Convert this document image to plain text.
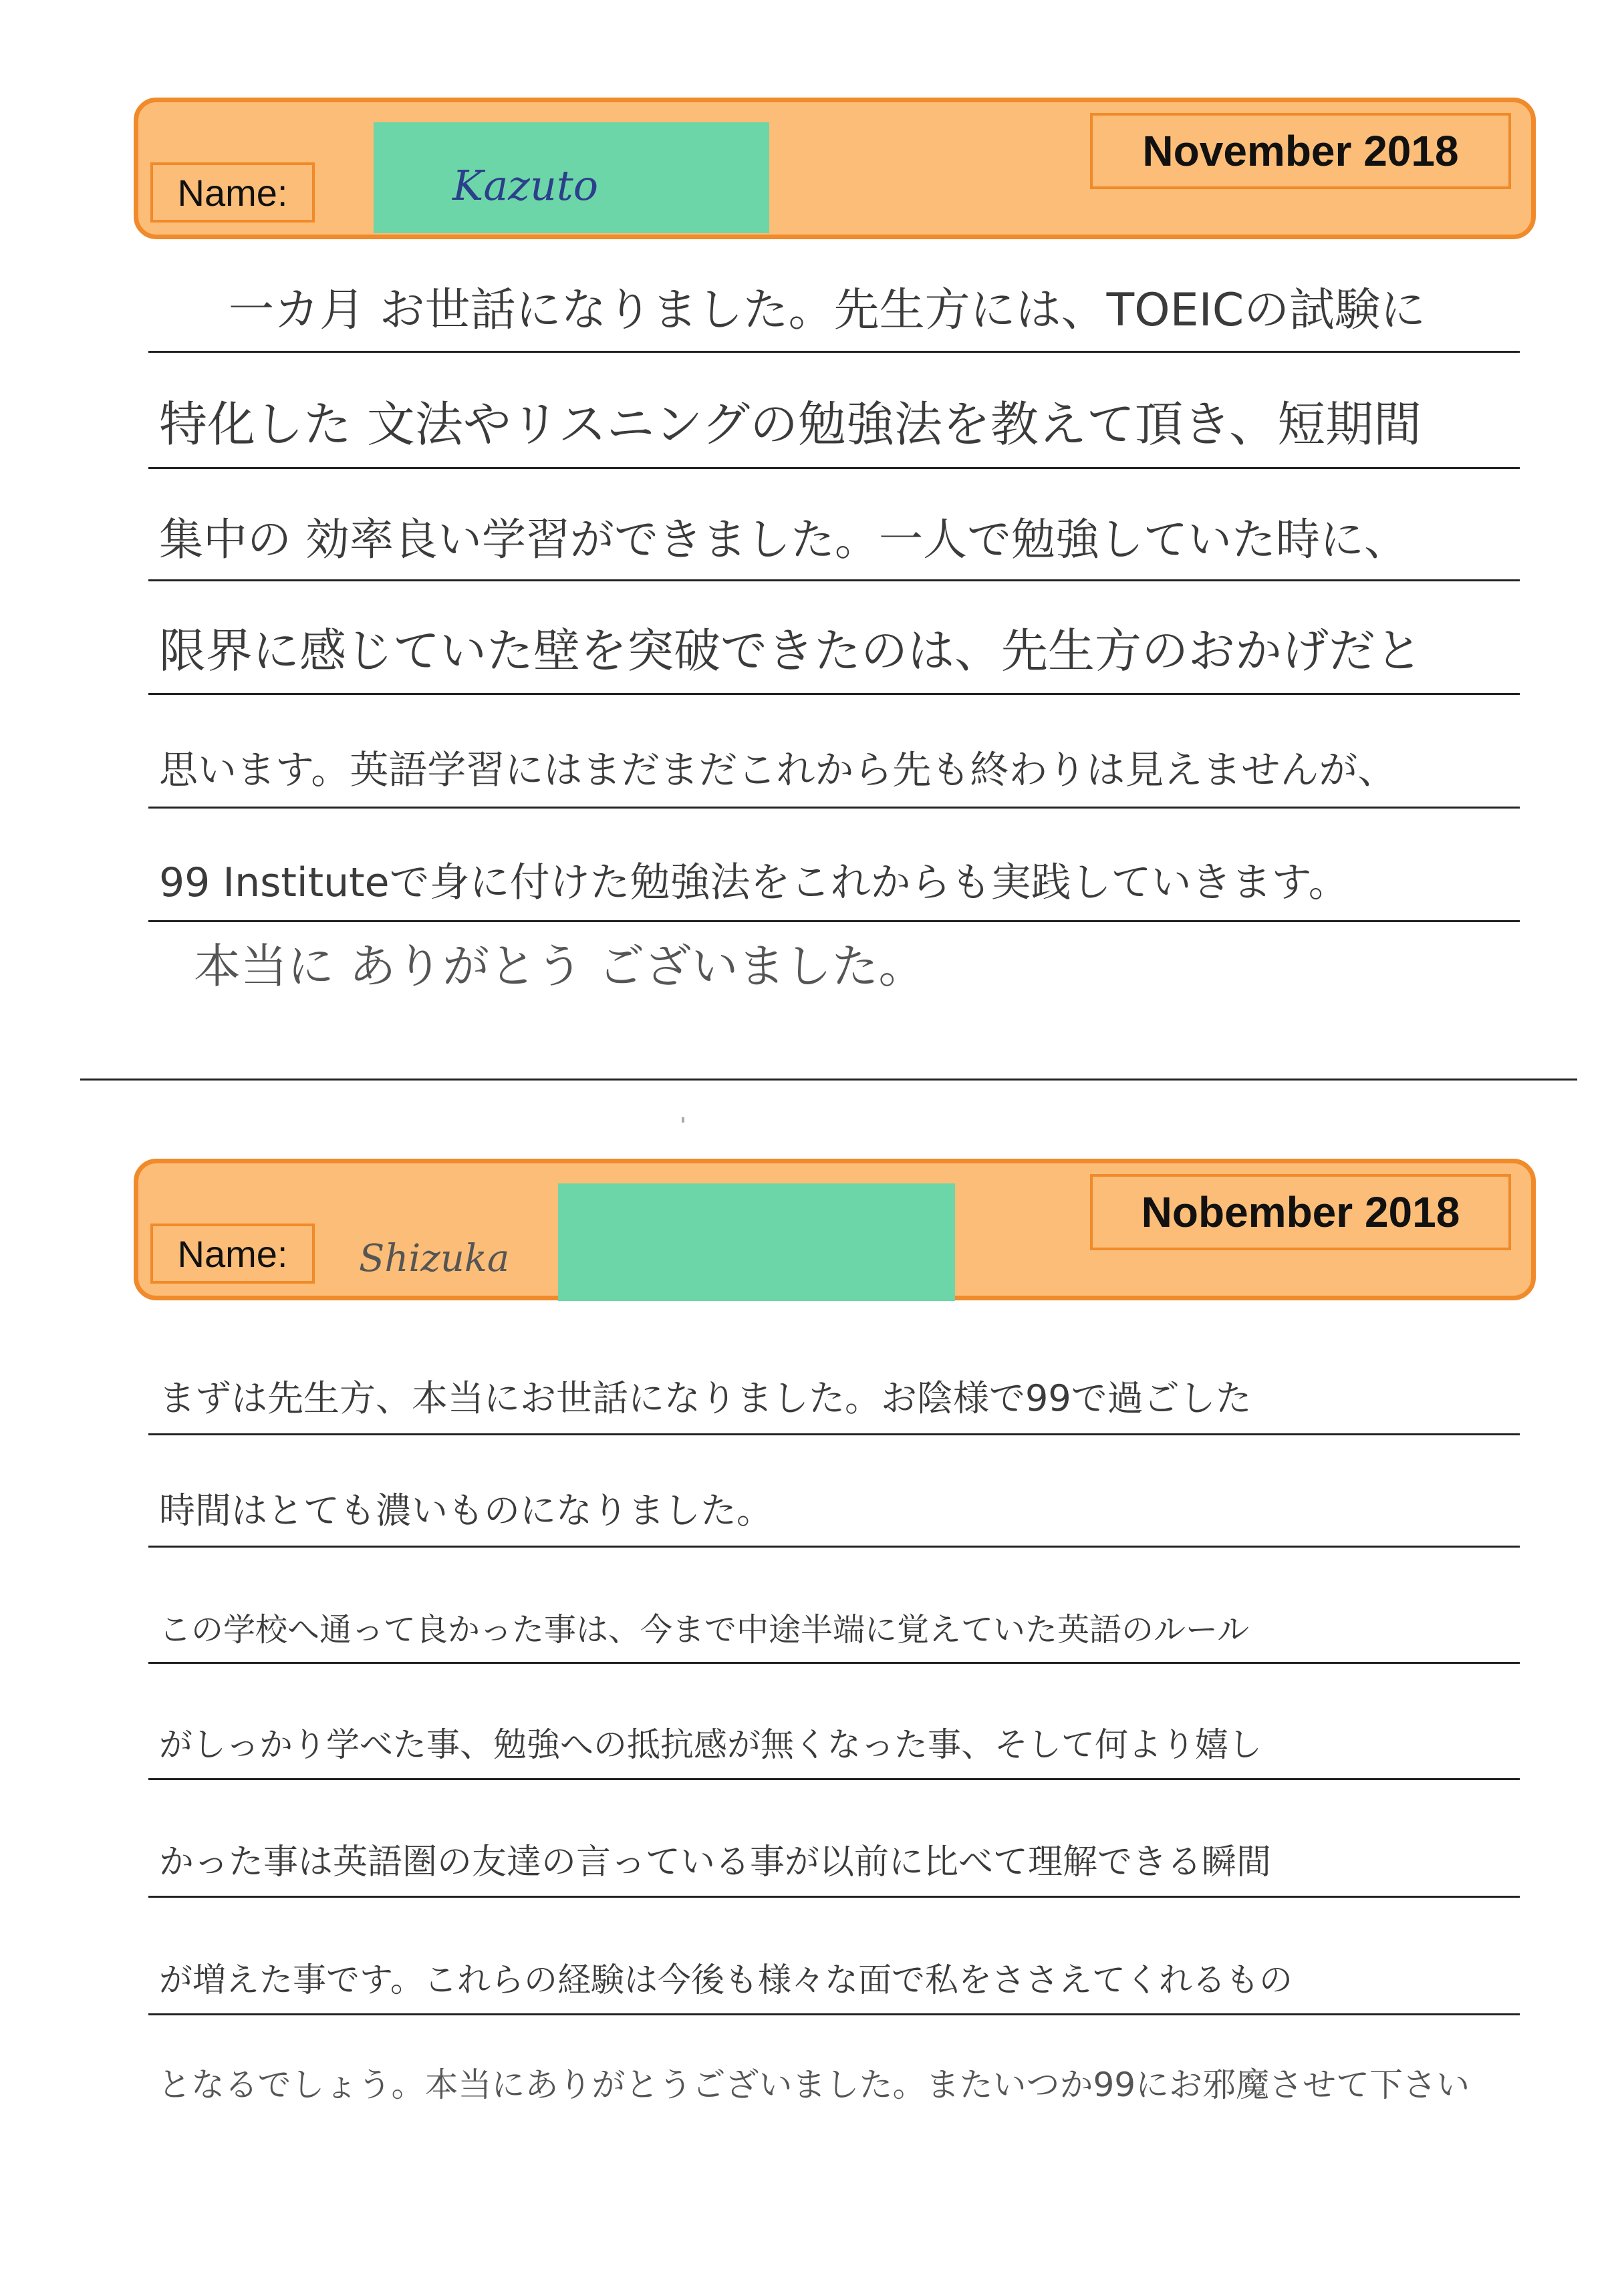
Name:	Kazuto
November 2018
一カ月 お世話になりました。先生方には、TOEICの試験に
特化した 文法やリスニングの勉強法を教えて頂き、短期間
集中の 効率良い学習ができました。一人で勉強していた時に、
限界に感じていた壁を突破できたのは、先生方のおかげだと
思います。英語学習にはまだまだこれから先も終わりは見えませんが、
99 Instituteで身に付けた勉強法をこれからも実践していきます。
本当に ありがとう ございました。
Name:	Shizuka
Nobember 2018
まずは先生方、本当にお世話になりました。お陰様で99で過ごした
時間はとても濃いものになりました。
この学校へ通って良かった事は、今まで中途半端に覚えていた英語のルール
がしっかり学べた事、勉強への抵抗感が無くなった事、そして何より嬉し
かった事は英語圏の友達の言っている事が以前に比べて理解できる瞬間
が増えた事です。これらの経験は今後も様々な面で私をささえてくれるもの
となるでしょう。本当にありがとうございました。またいつか99にお邪魔させて下さい
